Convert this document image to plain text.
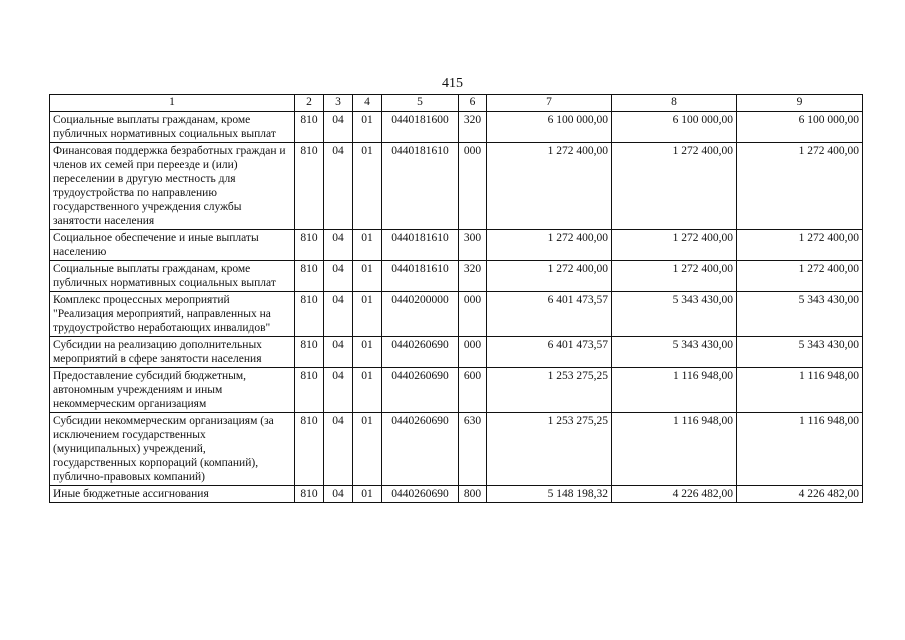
415
1	2	3	4	5	6	7	8	9
Социальные выплаты гражданам, кроме публичных нормативных социальных выплат	810	04	01	0440181600	320	6 100 000,00	6 100 000,00	6 100 000,00
Финансовая поддержка безработных граждан и членов их семей при переезде и (или) переселении в другую местность для трудоустройства по направлению государственного учреждения службы занятости населения	810	04	01	0440181610	000	1 272 400,00	1 272 400,00	1 272 400,00
Социальное обеспечение и иные выплаты населению	810	04	01	0440181610	300	1 272 400,00	1 272 400,00	1 272 400,00
Социальные выплаты гражданам, кроме публичных нормативных социальных выплат	810	04	01	0440181610	320	1 272 400,00	1 272 400,00	1 272 400,00
Комплекс процессных мероприятий "Реализация мероприятий, направленных на трудоустройство неработающих инвалидов"	810	04	01	0440200000	000	6 401 473,57	5 343 430,00	5 343 430,00
Субсидии на реализацию дополнительных мероприятий в сфере занятости населения	810	04	01	0440260690	000	6 401 473,57	5 343 430,00	5 343 430,00
Предоставление субсидий бюджетным, автономным учреждениям и иным некоммерческим организациям	810	04	01	0440260690	600	1 253 275,25	1 116 948,00	1 116 948,00
Субсидии некоммерческим организациям (за исключением государственных (муниципальных) учреждений, государственных корпораций (компаний), публично-правовых компаний)	810	04	01	0440260690	630	1 253 275,25	1 116 948,00	1 116 948,00
Иные бюджетные ассигнования	810	04	01	0440260690	800	5 148 198,32	4 226 482,00	4 226 482,00
